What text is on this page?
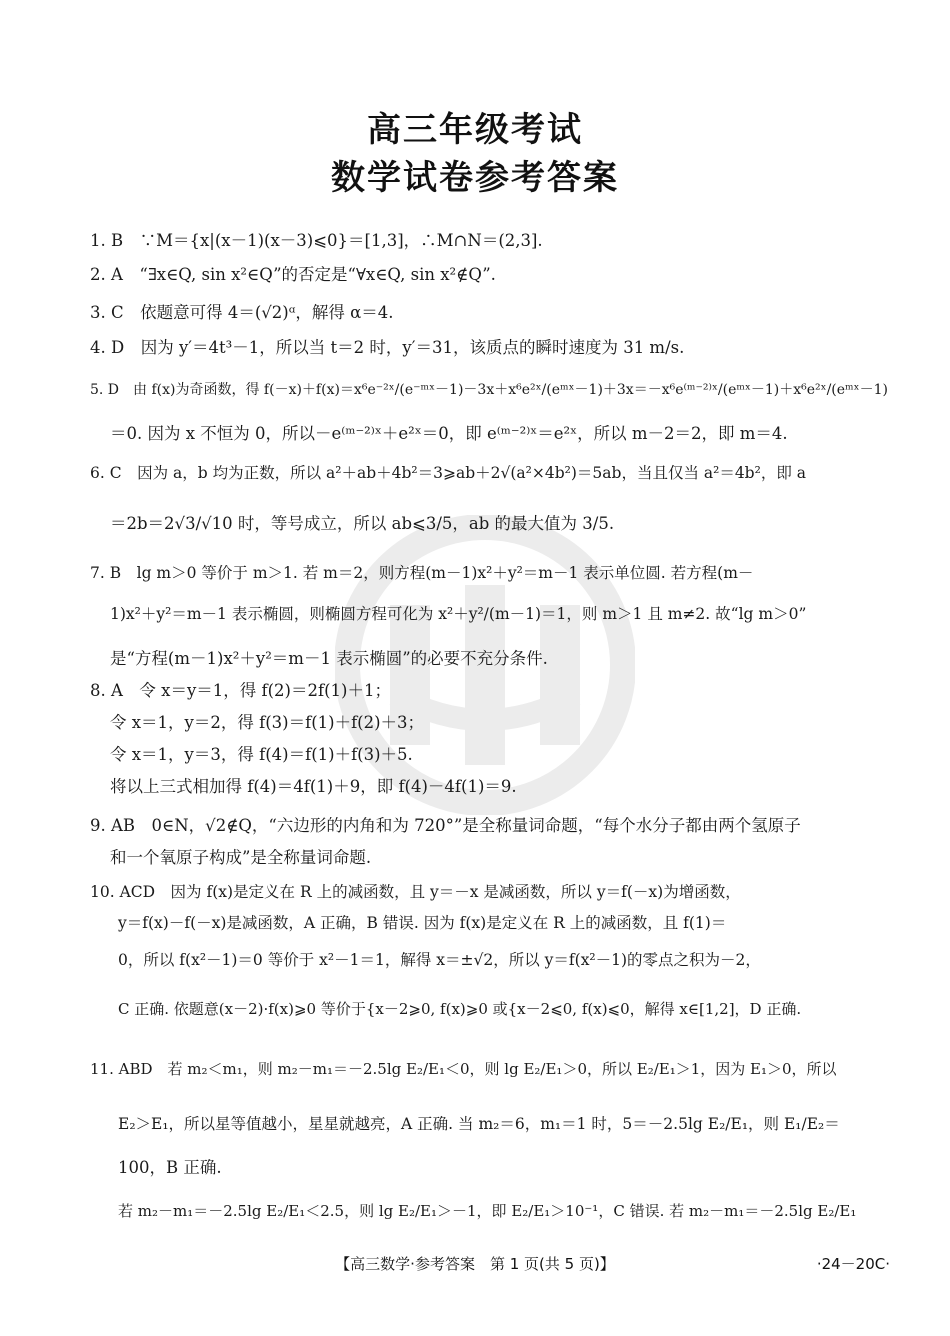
高三年级考试
数学试卷参考答案
1. B　∵M＝{x|(x－1)(x－3)⩽0}＝[1,3]，∴M∩N＝(2,3].
2. A　“∃x∈Q, sin x²∈Q”的否定是“∀x∈Q, sin x²∉Q”.
3. C　依题意可得 4＝(√2)ᵅ，解得 α＝4.
4. D　因为 y′＝4t³－1，所以当 t＝2 时，y′＝31，该质点的瞬时速度为 31 m/s.
5. D　由 f(x)为奇函数，得 f(－x)＋f(x)＝x⁶e⁻²ˣ/(e⁻ᵐˣ－1)－3x＋x⁶e²ˣ/(eᵐˣ－1)＋3x＝－x⁶e⁽ᵐ⁻²⁾ˣ/(eᵐˣ－1)＋x⁶e²ˣ/(eᵐˣ－1)
＝0. 因为 x 不恒为 0，所以－e⁽ᵐ⁻²⁾ˣ＋e²ˣ＝0，即 e⁽ᵐ⁻²⁾ˣ＝e²ˣ，所以 m－2＝2，即 m＝4.
6. C　因为 a，b 均为正数，所以 a²＋ab＋4b²＝3⩾ab＋2√(a²×4b²)＝5ab，当且仅当 a²＝4b²，即 a
＝2b＝2√3/√10 时，等号成立，所以 ab⩽3/5，ab 的最大值为 3/5.
7. B　lg m＞0 等价于 m＞1. 若 m＝2，则方程(m－1)x²＋y²＝m－1 表示单位圆. 若方程(m－
1)x²＋y²＝m－1 表示椭圆，则椭圆方程可化为 x²＋y²/(m－1)＝1，则 m＞1 且 m≠2. 故“lg m＞0”
是“方程(m－1)x²＋y²＝m－1 表示椭圆”的必要不充分条件.
8. A　令 x＝y＝1，得 f(2)＝2f(1)＋1；
令 x＝1，y＝2，得 f(3)＝f(1)＋f(2)＋3；
令 x＝1，y＝3，得 f(4)＝f(1)＋f(3)＋5.
将以上三式相加得 f(4)＝4f(1)＋9，即 f(4)－4f(1)＝9.
9. AB　0∈N，√2∉Q，“六边形的内角和为 720°”是全称量词命题，“每个水分子都由两个氢原子
和一个氧原子构成”是全称量词命题.
10. ACD　因为 f(x)是定义在 R 上的减函数，且 y＝－x 是减函数，所以 y＝f(－x)为增函数，
y＝f(x)－f(－x)是减函数，A 正确，B 错误. 因为 f(x)是定义在 R 上的减函数，且 f(1)＝
0，所以 f(x²－1)＝0 等价于 x²－1＝1，解得 x＝±√2，所以 y＝f(x²－1)的零点之积为－2，
C 正确. 依题意(x－2)·f(x)⩾0 等价于{x－2⩾0, f(x)⩾0 或{x－2⩽0, f(x)⩽0，解得 x∈[1,2]，D 正确.
11. ABD　若 m₂＜m₁，则 m₂－m₁＝－2.5lg E₂/E₁＜0，则 lg E₂/E₁＞0，所以 E₂/E₁＞1，因为 E₁＞0，所以
E₂＞E₁，所以星等值越小，星星就越亮，A 正确. 当 m₂＝6，m₁＝1 时，5＝－2.5lg E₂/E₁，则 E₁/E₂＝
100，B 正确.
若 m₂－m₁＝－2.5lg E₂/E₁＜2.5，则 lg E₂/E₁＞－1，即 E₂/E₁＞10⁻¹，C 错误. 若 m₂－m₁＝－2.5lg E₂/E₁
【高三数学·参考答案　第 1 页(共 5 页)】	·24－20C·
